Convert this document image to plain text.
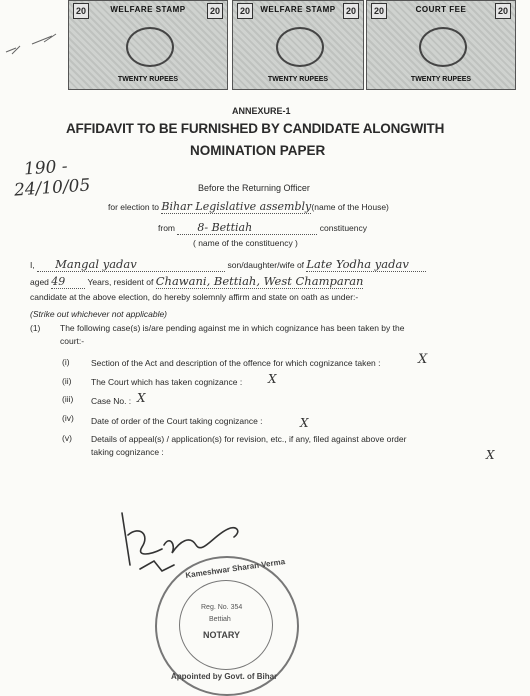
20	20
WELFARE STAMP
TWENTY RUPEES
20	20
WELFARE STAMP
TWENTY RUPEES
20	20
COURT FEE
TWENTY RUPEES
ANNEXURE-1
AFFIDAVIT TO BE FURNISHED BY CANDIDATE ALONGWITH
NOMINATION PAPER
190 -
24/10/05	Before the Returning Officer
for election to Bihar Legislative assembly(name of the House)
from 8- Bettiah	constituency
( name of the constituency )
I, Mangal yadav	son/daughter/wife of Late Yodha yadav
aged 49	Years, resident of Chawani, Bettiah, West Champaran
candidate at the above election, do hereby solemnly affirm and state on oath as under:-
(Strike out whichever not applicable)
(1) The following case(s) is/are pending against me in which cognizance has been taken by the
court:-
(i)	Section of the Act and description of the offence for which cognizance taken :	X
(ii) The Court which has taken cognizance : X
(iii) Case No. : X
(iv) Date of order of the Court taking cognizance :	X
(v) Details of appeal(s) / application(s) for revision, etc., if any, filed against above order
taking cognizance :	X
Kameshwar Sharan Verma
Reg. No. 354
Bettiah
NOTARY
Appointed by Govt. of Bihar
